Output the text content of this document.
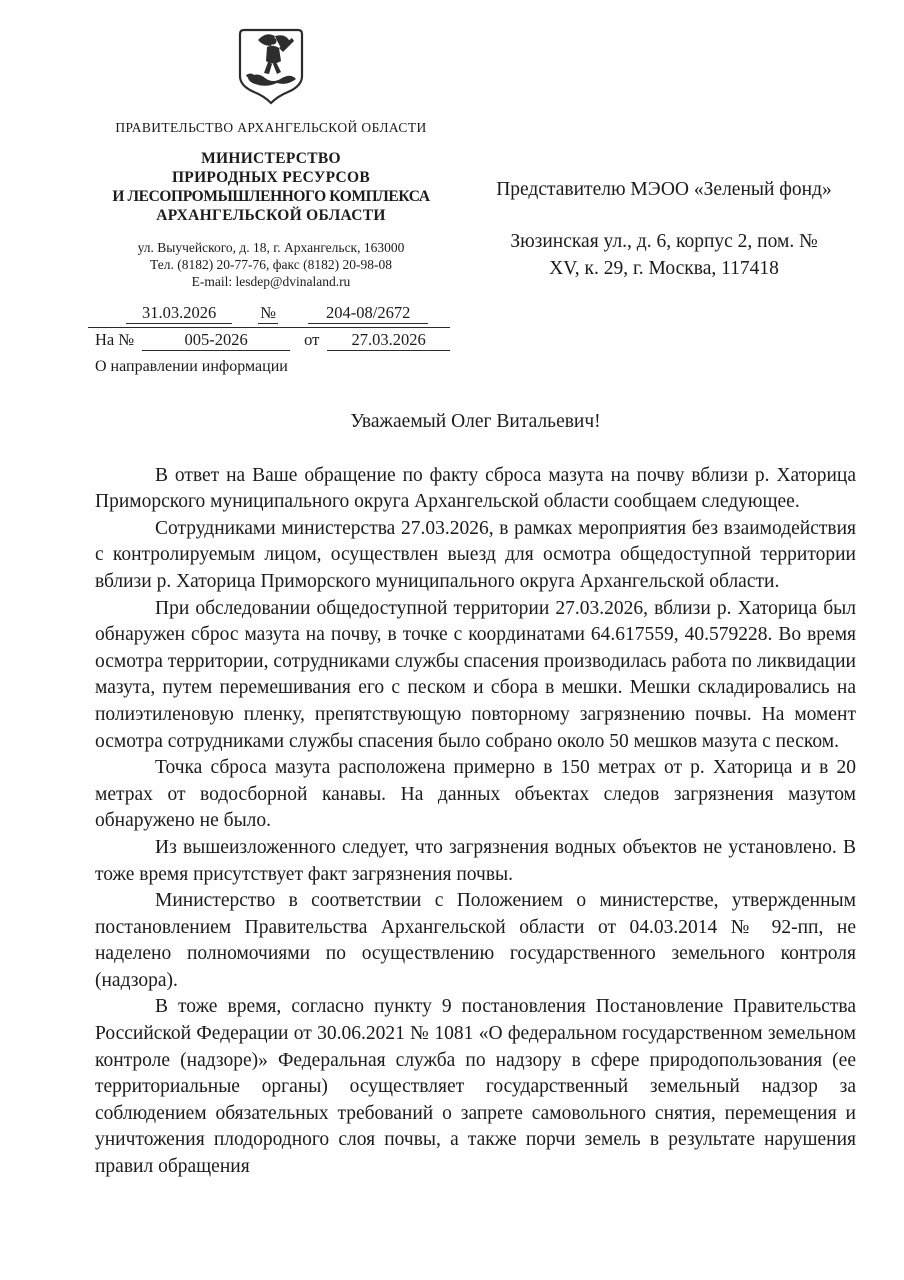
ПРАВИТЕЛЬСТВО АРХАНГЕЛЬСКОЙ ОБЛАСТИ
МИНИСТЕРСТВО
ПРИРОДНЫХ РЕСУРСОВ
И ЛЕСОПРОМЫШЛЕННОГО КОМПЛЕКСА
АРХАНГЕЛЬСКОЙ ОБЛАСТИ
ул. Выучейского, д. 18, г. Архангельск, 163000
Тел. (8182) 20-77-76, факс (8182) 20-98-08
E-mail: lesdep@dvinaland.ru
Представителю МЭОО «Зеленый фонд»
Зюзинская ул., д. 6, корпус 2, пом. №
XV, к. 29, г. Москва, 117418
31.03.2026	№	204-08/2672
На №	005-2026	от	27.03.2026
О направлении информации
Уважаемый Олег Витальевич!

В ответ на Ваше обращение по факту сброса мазута на почву вблизи р. Хаторица Приморского муниципального округа Архангельской области сообщаем следующее.

Сотрудниками министерства 27.03.2026, в рамках мероприятия без взаимодействия с контролируемым лицом, осуществлен выезд для осмотра общедоступной территории вблизи р. Хаторица Приморского муниципального округа Архангельской области.

При обследовании общедоступной территории 27.03.2026, вблизи р. Хаторица был обнаружен сброс мазута на почву, в точке с координатами 64.617559, 40.579228. Во время осмотра территории, сотрудниками службы спасения производилась работа по ликвидации мазута, путем перемешивания его с песком и сбора в мешки. Мешки складировались на полиэтиленовую пленку, препятствующую повторному загрязнению почвы. На момент осмотра сотрудниками службы спасения было собрано около 50 мешков мазута с песком.

Точка сброса мазута расположена примерно в 150 метрах от р. Хаторица и в 20 метрах от водосборной канавы. На данных объектах следов загрязнения мазутом обнаружено не было.

Из вышеизложенного следует, что загрязнения водных объектов не установлено. В тоже время присутствует факт загрязнения почвы.

Министерство в соответствии с Положением о министерстве, утвержденным постановлением Правительства Архангельской области от 04.03.2014 № 92-пп, не наделено полномочиями по осуществлению государственного земельного контроля (надзора).

В тоже время, согласно пункту 9 постановления Постановление Правительства Российской Федерации от 30.06.2021 № 1081 «О федеральном государственном земельном контроле (надзоре)» Федеральная служба по надзору в сфере природопользования (ее территориальные органы) осуществляет государственный земельный надзор за соблюдением обязательных требований о запрете самовольного снятия, перемещения и уничтожения плодородного слоя почвы, а также порчи земель в результате нарушения правил обращения
